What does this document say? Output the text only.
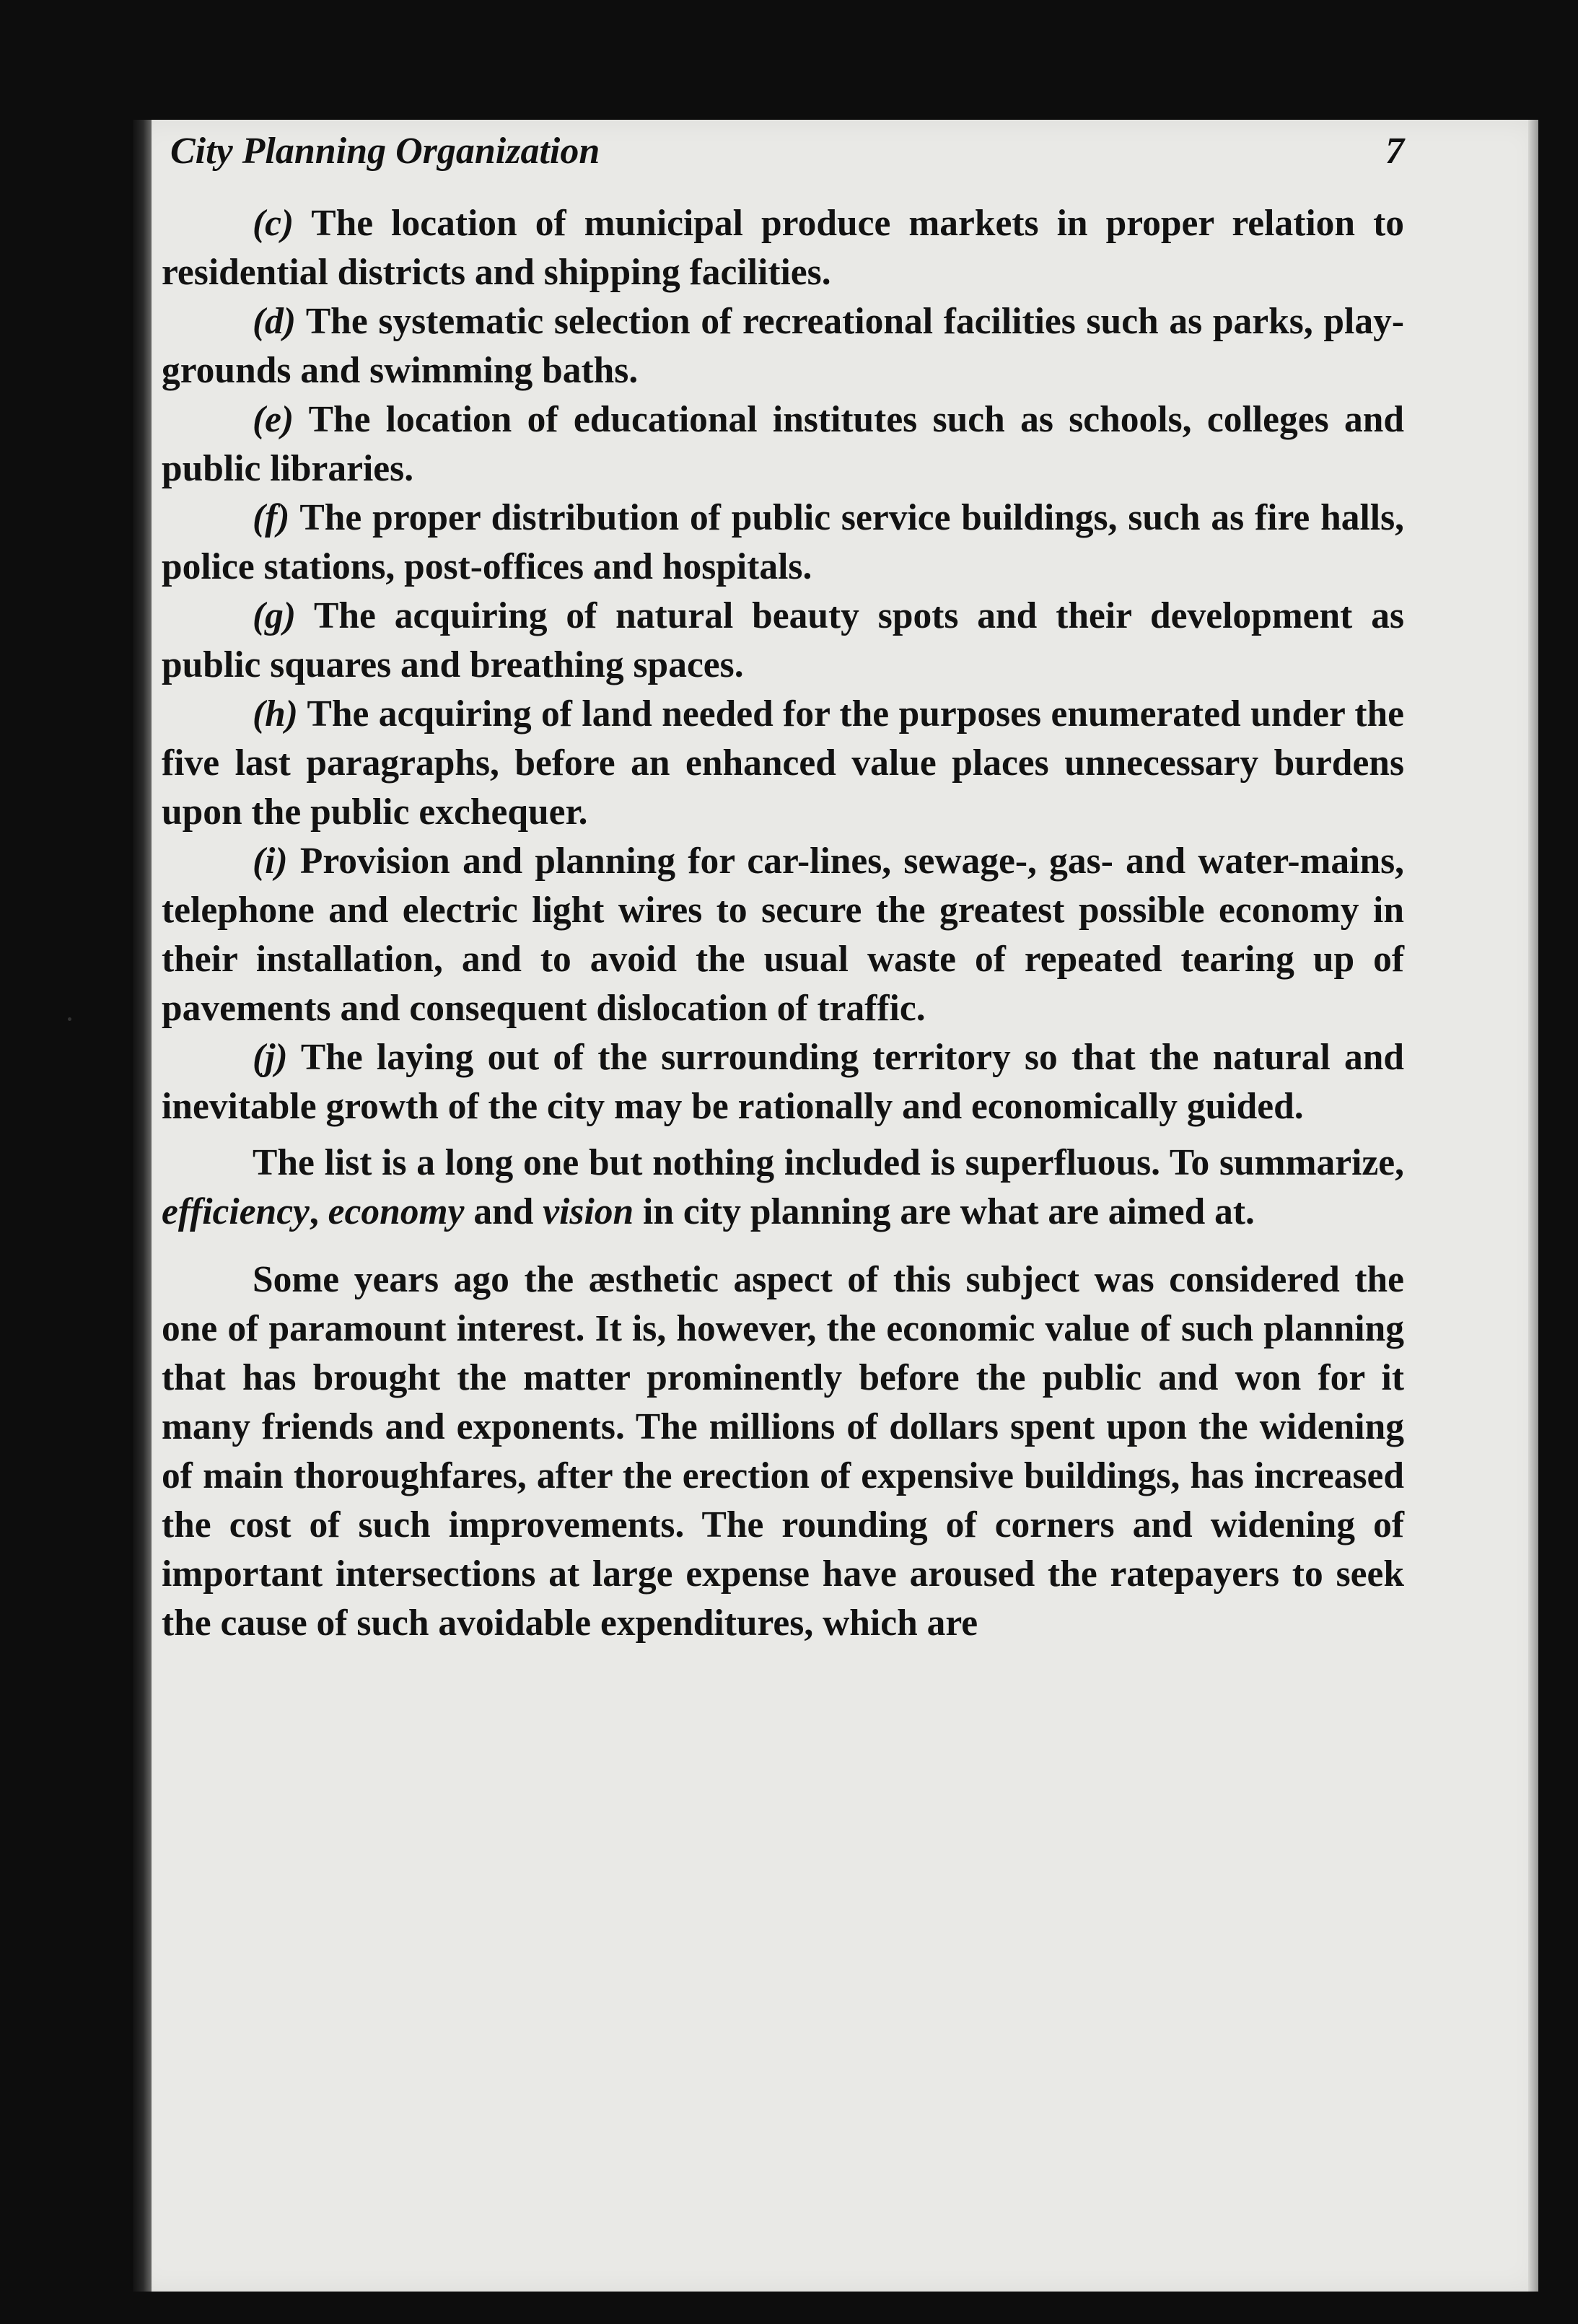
City Planning Organization	7

(c) The location of municipal produce markets in proper relation to residential districts and shipping facilities.

(d) The systematic selection of recreational facilities such as parks, play-grounds and swimming baths.

(e) The location of educational institutes such as schools, colleges and public libraries.

(f) The proper distribution of public service buildings, such as fire halls, police stations, post-offices and hospitals.

(g) The acquiring of natural beauty spots and their development as public squares and breathing spaces.

(h) The acquiring of land needed for the purposes enumerated under the five last paragraphs, before an enhanced value places unnecessary burdens upon the public exchequer.

(i) Provision and planning for car-lines, sewage-, gas- and water-mains, telephone and electric light wires to secure the greatest possible economy in their installation, and to avoid the usual waste of repeated tearing up of pavements and consequent dislocation of traffic.

(j) The laying out of the surrounding territory so that the natural and inevitable growth of the city may be rationally and economically guided.

The list is a long one but nothing included is superfluous. To summarize, efficiency, economy and vision in city planning are what are aimed at.

Some years ago the æsthetic aspect of this subject was considered the one of paramount interest. It is, however, the economic value of such planning that has brought the matter prominently before the public and won for it many friends and exponents. The millions of dollars spent upon the widening of main thoroughfares, after the erection of expensive buildings, has increased the cost of such improvements. The rounding of corners and widening of important intersections at large expense have aroused the ratepayers to seek the cause of such avoidable expenditures, which are
